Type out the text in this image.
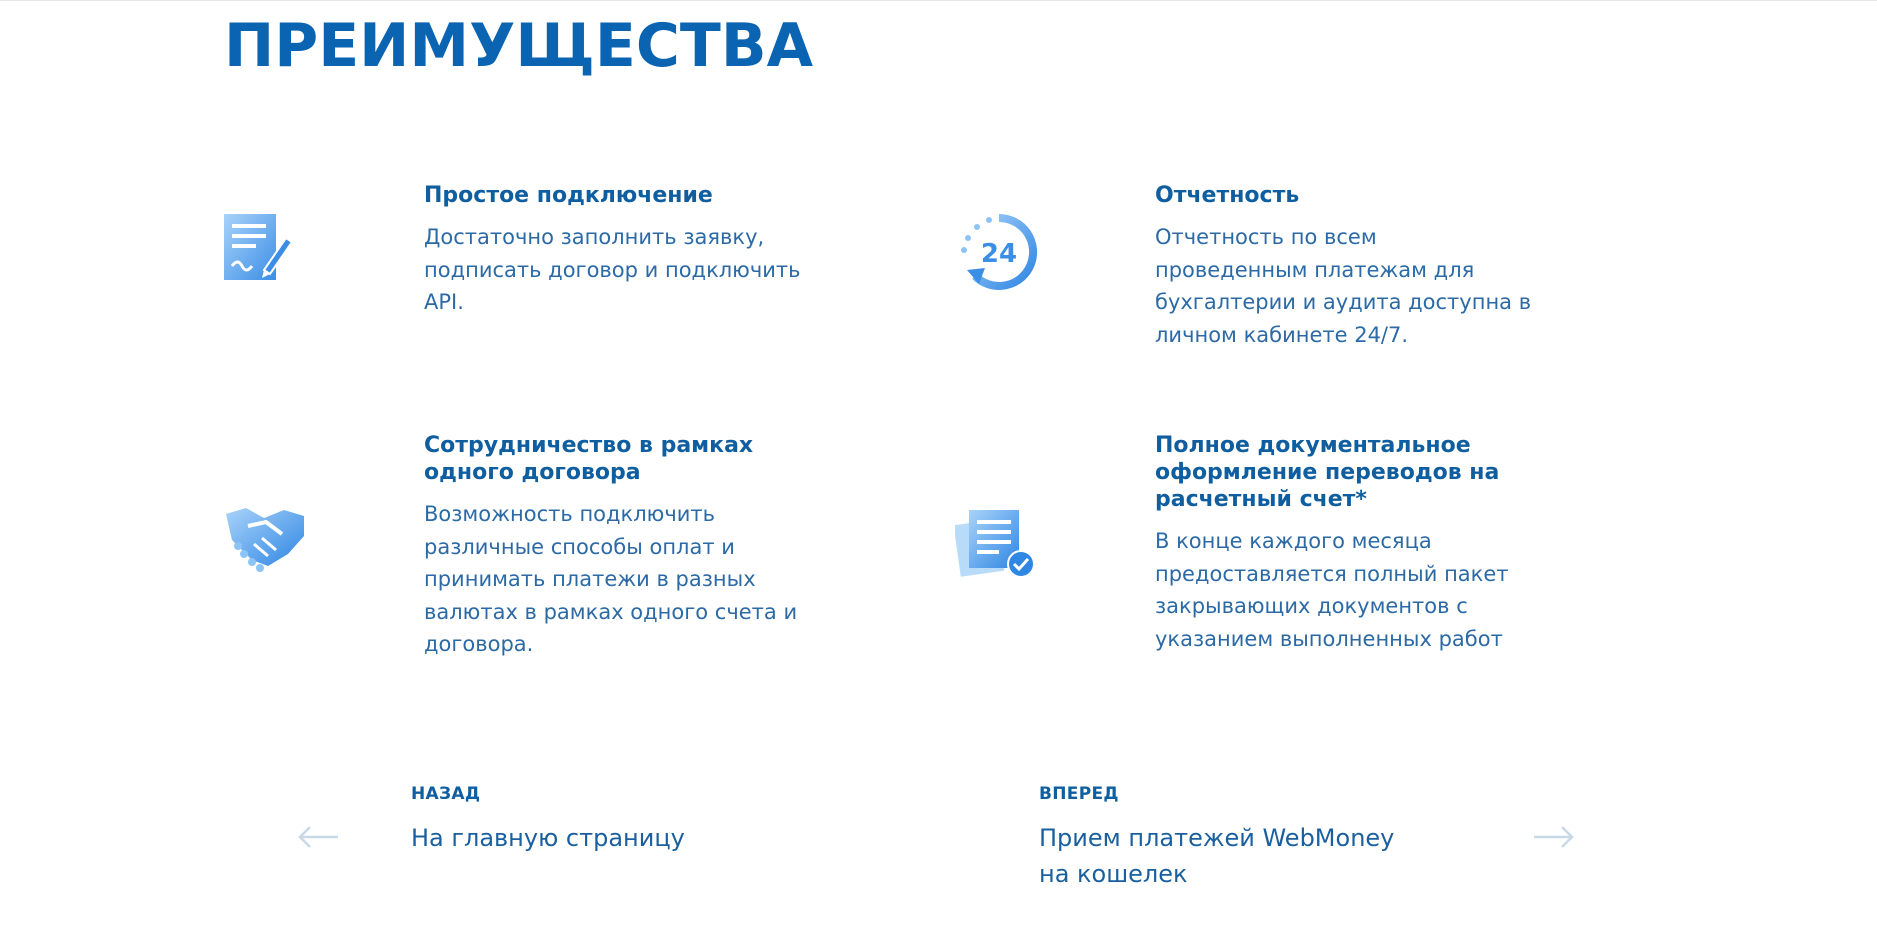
ПРЕИМУЩЕСТВА
Простое подключение

Достаточно заполнить заявку, подписать договор и подключить API.

24
Отчетность

Отчетность по всем проведенным платежам для бухгалтерии и аудита доступна в личном кабинете 24/7.

Сотрудничество в рамках одного договора

Возможность подключить различные способы оплат и принимать платежи в разных валютах в рамках одного счета и договора.

Полное документальное оформление переводов на расчетный счет*

В конце каждого месяца предоставляется полный пакет закрывающих документов с указанием выполненных работ

НАЗАД
На главную страницу
ВПЕРЕД
Прием платежей WebMoney на кошелек
